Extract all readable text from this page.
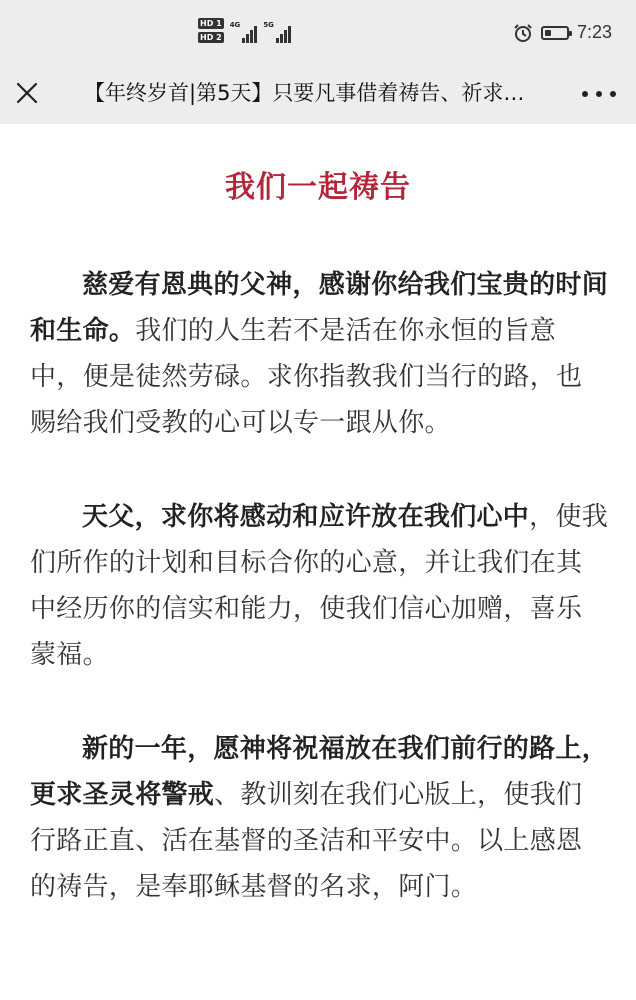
HD 1
HD 2
4G	5G	7:23
【年终岁首|第5天】只要凡事借着祷告、祈求…
我们一起祷告

慈爱有恩典的父神，感谢你给我们宝贵的时间和生命。我们的人生若不是活在你永恒的旨意中，便是徒然劳碌。求你指教我们当行的路，也赐给我们受教的心可以专一跟从你。

天父，求你将感动和应许放在我们心中，使我们所作的计划和目标合你的心意，并让我们在其中经历你的信实和能力，使我们信心加赠，喜乐蒙福。

新的一年，愿神将祝福放在我们前行的路上，更求圣灵将警戒、教训刻在我们心版上，使我们行路正直、活在基督的圣洁和平安中。以上感恩的祷告，是奉耶稣基督的名求，阿门。
